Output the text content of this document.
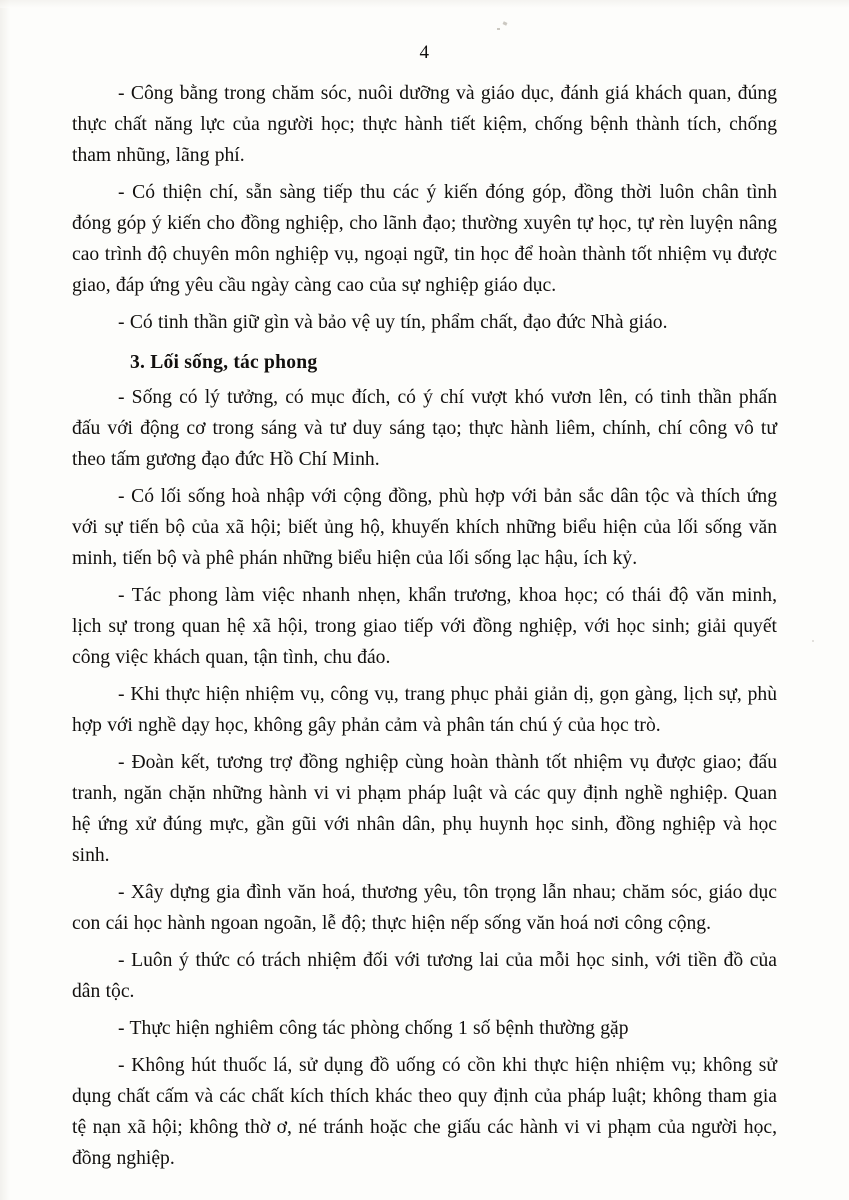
4

- Công bằng trong chăm sóc, nuôi dưỡng và giáo dục, đánh giá khách quan, đúng thực chất năng lực của người học; thực hành tiết kiệm, chống bệnh thành tích, chống tham nhũng, lãng phí.

- Có thiện chí, sẵn sàng tiếp thu các ý kiến đóng góp, đồng thời luôn chân tình đóng góp ý kiến cho đồng nghiệp, cho lãnh đạo; thường xuyên tự học, tự rèn luyện nâng cao trình độ chuyên môn nghiệp vụ, ngoại ngữ, tin học để hoàn thành tốt nhiệm vụ được giao, đáp ứng yêu cầu ngày càng cao của sự nghiệp giáo dục.

- Có tinh thần giữ gìn và bảo vệ uy tín, phẩm chất, đạo đức Nhà giáo.

3. Lối sống, tác phong

- Sống có lý tưởng, có mục đích, có ý chí vượt khó vươn lên, có tinh thần phấn đấu với động cơ trong sáng và tư duy sáng tạo; thực hành liêm, chính, chí công vô tư theo tấm gương đạo đức Hồ Chí Minh.

- Có lối sống hoà nhập với cộng đồng, phù hợp với bản sắc dân tộc và thích ứng với sự tiến bộ của xã hội; biết ủng hộ, khuyến khích những biểu hiện của lối sống văn minh, tiến bộ và phê phán những biểu hiện của lối sống lạc hậu, ích kỷ.

- Tác phong làm việc nhanh nhẹn, khẩn trương, khoa học; có thái độ văn minh, lịch sự trong quan hệ xã hội, trong giao tiếp với đồng nghiệp, với học sinh; giải quyết công việc khách quan, tận tình, chu đáo.

- Khi thực hiện nhiệm vụ, công vụ, trang phục phải giản dị, gọn gàng, lịch sự, phù hợp với nghề dạy học, không gây phản cảm và phân tán chú ý của học trò.

- Đoàn kết, tương trợ đồng nghiệp cùng hoàn thành tốt nhiệm vụ được giao; đấu tranh, ngăn chặn những hành vi vi phạm pháp luật và các quy định nghề nghiệp. Quan hệ ứng xử đúng mực, gần gũi với nhân dân, phụ huynh học sinh, đồng nghiệp và học sinh.

- Xây dựng gia đình văn hoá, thương yêu, tôn trọng lẫn nhau; chăm sóc, giáo dục con cái học hành ngoan ngoãn, lễ độ; thực hiện nếp sống văn hoá nơi công cộng.

- Luôn ý thức có trách nhiệm đối với tương lai của mỗi học sinh, với tiền đồ của dân tộc.

- Thực hiện nghiêm công tác phòng chống 1 số bệnh thường gặp

- Không hút thuốc lá, sử dụng đồ uống có cồn khi thực hiện nhiệm vụ; không sử dụng chất cấm và các chất kích thích khác theo quy định của pháp luật; không tham gia tệ nạn xã hội; không thờ ơ, né tránh hoặc che giấu các hành vi vi phạm của người học, đồng nghiệp.
